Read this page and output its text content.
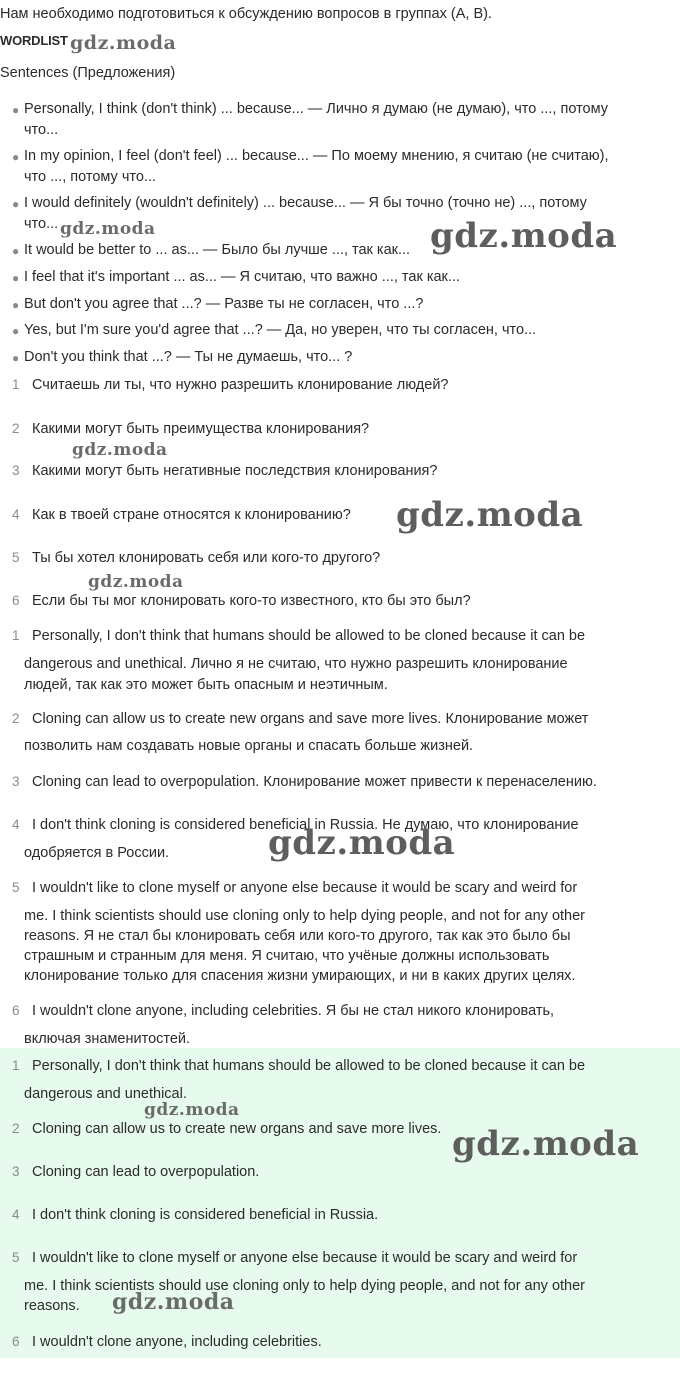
Нам необходимо подготовиться к обсуждению вопросов в группах (A, B).
WORDLIST
Sentences (Предложения)
● Personally, I think (don't think) ... because... — Лично я думаю (не думаю), что ..., потому
что...
● In my opinion, I feel (don't feel) ... because... — По моему мнению, я считаю (не считаю),
что ..., потому что...
● I would definitely (wouldn't definitely) ... because... — Я бы точно (точно не) ..., потому
что...
● It would be better to ... as... — Было бы лучше ..., так как...
● I feel that it's important ... as... — Я считаю, что важно ..., так как...
● But don't you agree that ...? — Разве ты не согласен, что ...?
● Yes, but I'm sure you'd agree that ...? — Да, но уверен, что ты согласен, что...
● Don't you think that ...? — Ты не думаешь, что... ?
1 Считаешь ли ты, что нужно разрешить клонирование людей?
2 Какими могут быть преимущества клонирования?
3 Какими могут быть негативные последствия клонирования?
4 Как в твоей стране относятся к клонированию?
5 Ты бы хотел клонировать себя или кого-то другого?
6 Если бы ты мог клонировать кого-то известного, кто бы это был?
1 Personally, I don't think that humans should be allowed to be cloned because it can be
dangerous and unethical. Лично я не считаю, что нужно разрешить клонирование
людей, так как это может быть опасным и неэтичным.
2 Cloning can allow us to create new organs and save more lives. Клонирование может
позволить нам создавать новые органы и спасать больше жизней.
3 Cloning can lead to overpopulation. Клонирование может привести к перенаселению.
4 I don't think cloning is considered beneficial in Russia. Не думаю, что клонирование
одобряется в России.
5 I wouldn't like to clone myself or anyone else because it would be scary and weird for
me. I think scientists should use cloning only to help dying people, and not for any other
reasons. Я не стал бы клонировать себя или кого-то другого, так как это было бы
страшным и странным для меня. Я считаю, что учёные должны использовать
клонирование только для спасения жизни умирающих, и ни в каких других целях.
6 I wouldn't clone anyone, including celebrities. Я бы не стал никого клонировать,
включая знаменитостей.
1 Personally, I don't think that humans should be allowed to be cloned because it can be
dangerous and unethical.
2 Cloning can allow us to create new organs and save more lives.
3 Cloning can lead to overpopulation.
4 I don't think cloning is considered beneficial in Russia.
5 I wouldn't like to clone myself or anyone else because it would be scary and weird for
me. I think scientists should use cloning only to help dying people, and not for any other
reasons.
6 I wouldn't clone anyone, including celebrities.
gdz.moda
gdz.moda	gdz.moda
gdz.moda
gdz.moda
gdz.moda
gdz.moda
gdz.moda
gdz.moda
gdz.moda
